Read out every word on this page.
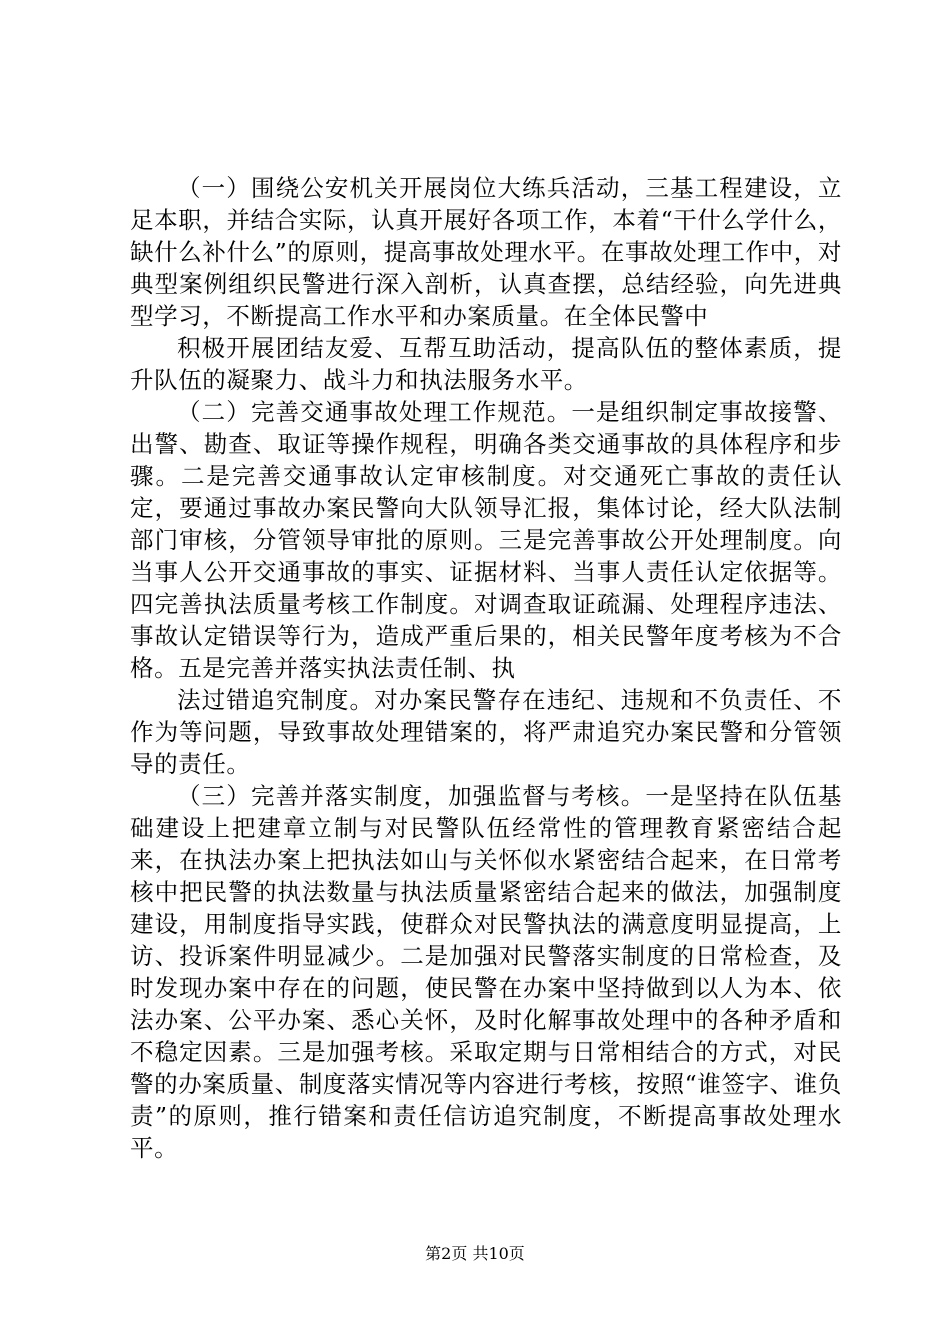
（一）围绕公安机关开展岗位大练兵活动，三基工程建设，立足本职，并结合实际，认真开展好各项工作，本着“干什么学什么，缺什么补什么”的原则，提高事故处理水平。在事故处理工作中，对典型案例组织民警进行深入剖析，认真查摆，总结经验，向先进典型学习，不断提高工作水平和办案质量。在全体民警中

积极开展团结友爱、互帮互助活动，提高队伍的整体素质，提升队伍的凝聚力、战斗力和执法服务水平。

（二）完善交通事故处理工作规范。一是组织制定事故接警、出警、勘查、取证等操作规程，明确各类交通事故的具体程序和步骤。二是完善交通事故认定审核制度。对交通死亡事故的责任认定，要通过事故办案民警向大队领导汇报，集体讨论，经大队法制部门审核，分管领导审批的原则。三是完善事故公开处理制度。向当事人公开交通事故的事实、证据材料、当事人责任认定依据等。四完善执法质量考核工作制度。对调查取证疏漏、处理程序违法、事故认定错误等行为，造成严重后果的，相关民警年度考核为不合格。五是完善并落实执法责任制、执

法过错追究制度。对办案民警存在违纪、违规和不负责任、不作为等问题，导致事故处理错案的，将严肃追究办案民警和分管领导的责任。

（三）完善并落实制度，加强监督与考核。一是坚持在队伍基础建设上把建章立制与对民警队伍经常性的管理教育紧密结合起来，在执法办案上把执法如山与关怀似水紧密结合起来，在日常考核中把民警的执法数量与执法质量紧密结合起来的做法，加强制度建设，用制度指导实践，使群众对民警执法的满意度明显提高，上访、投诉案件明显减少。二是加强对民警落实制度的日常检查，及时发现办案中存在的问题，使民警在办案中坚持做到以人为本、依法办案、公平办案、悉心关怀，及时化解事故处理中的各种矛盾和不稳定因素。三是加强考核。采取定期与日常相结合的方式，对民警的办案质量、制度落实情况等内容进行考核，按照“谁签字、谁负责”的原则，推行错案和责任信访追究制度，不断提高事故处理水平。

第2页 共10页
